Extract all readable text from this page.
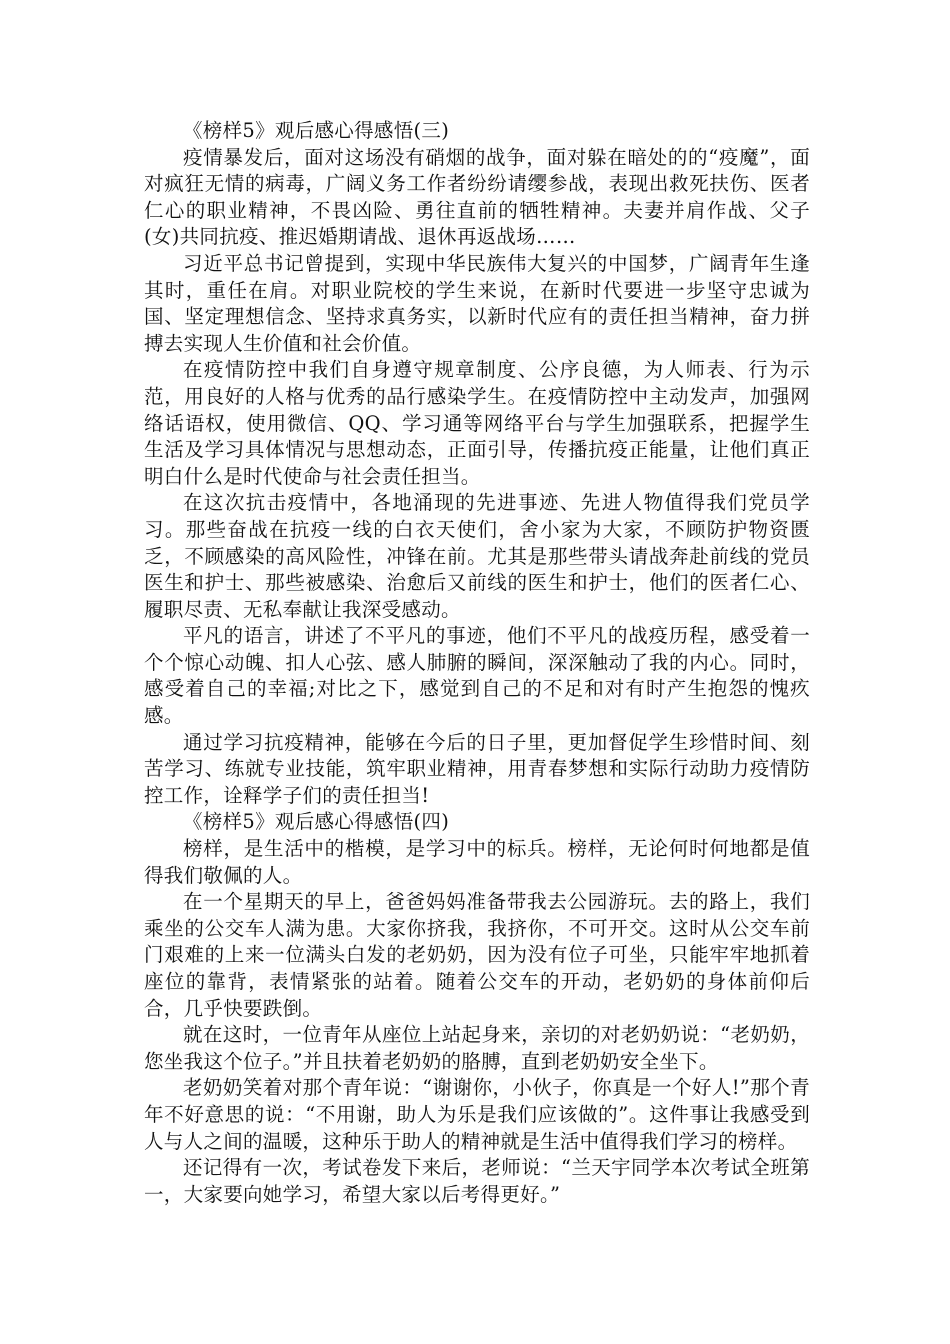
《榜样5》观后感心得感悟(三)

疫情暴发后，面对这场没有硝烟的战争，面对躲在暗处的的“疫魔”，面对疯狂无情的病毒，广阔义务工作者纷纷请缨参战，表现出救死扶伤、医者仁心的职业精神，不畏凶险、勇往直前的牺牲精神。夫妻并肩作战、父子(女)共同抗疫、推迟婚期请战、退休再返战场……

习近平总书记曾提到，实现中华民族伟大复兴的中国梦，广阔青年生逢其时，重任在肩。对职业院校的学生来说，在新时代要进一步坚守忠诚为国、坚定理想信念、坚持求真务实，以新时代应有的责任担当精神，奋力拼搏去实现人生价值和社会价值。

在疫情防控中我们自身遵守规章制度、公序良德，为人师表、行为示范，用良好的人格与优秀的品行感染学生。在疫情防控中主动发声，加强网络话语权，使用微信、QQ、学习通等网络平台与学生加强联系，把握学生生活及学习具体情况与思想动态，正面引导，传播抗疫正能量，让他们真正明白什么是时代使命与社会责任担当。

在这次抗击疫情中，各地涌现的先进事迹、先进人物值得我们党员学习。那些奋战在抗疫一线的白衣天使们，舍小家为大家，不顾防护物资匮乏，不顾感染的高风险性，冲锋在前。尤其是那些带头请战奔赴前线的党员医生和护士、那些被感染、治愈后又前线的医生和护士，他们的医者仁心、履职尽责、无私奉献让我深受感动。

平凡的语言，讲述了不平凡的事迹，他们不平凡的战疫历程，感受着一个个惊心动魄、扣人心弦、感人肺腑的瞬间，深深触动了我的内心。同时，感受着自己的幸福;对比之下，感觉到自己的不足和对有时产生抱怨的愧疚感。

通过学习抗疫精神，能够在今后的日子里，更加督促学生珍惜时间、刻苦学习、练就专业技能，筑牢职业精神，用青春梦想和实际行动助力疫情防控工作，诠释学子们的责任担当!

《榜样5》观后感心得感悟(四)

榜样，是生活中的楷模，是学习中的标兵。榜样，无论何时何地都是值得我们敬佩的人。

在一个星期天的早上，爸爸妈妈准备带我去公园游玩。去的路上，我们乘坐的公交车人满为患。大家你挤我，我挤你，不可开交。这时从公交车前门艰难的上来一位满头白发的老奶奶，因为没有位子可坐，只能牢牢地抓着座位的靠背，表情紧张的站着。随着公交车的开动，老奶奶的身体前仰后合，几乎快要跌倒。

就在这时，一位青年从座位上站起身来，亲切的对老奶奶说：“老奶奶，您坐我这个位子。”并且扶着老奶奶的胳膊，直到老奶奶安全坐下。

老奶奶笑着对那个青年说：“谢谢你，小伙子，你真是一个好人!”那个青年不好意思的说：“不用谢，助人为乐是我们应该做的”。这件事让我感受到人与人之间的温暖，这种乐于助人的精神就是生活中值得我们学习的榜样。

还记得有一次，考试卷发下来后，老师说：“兰天宇同学本次考试全班第一，大家要向她学习，希望大家以后考得更好。”
